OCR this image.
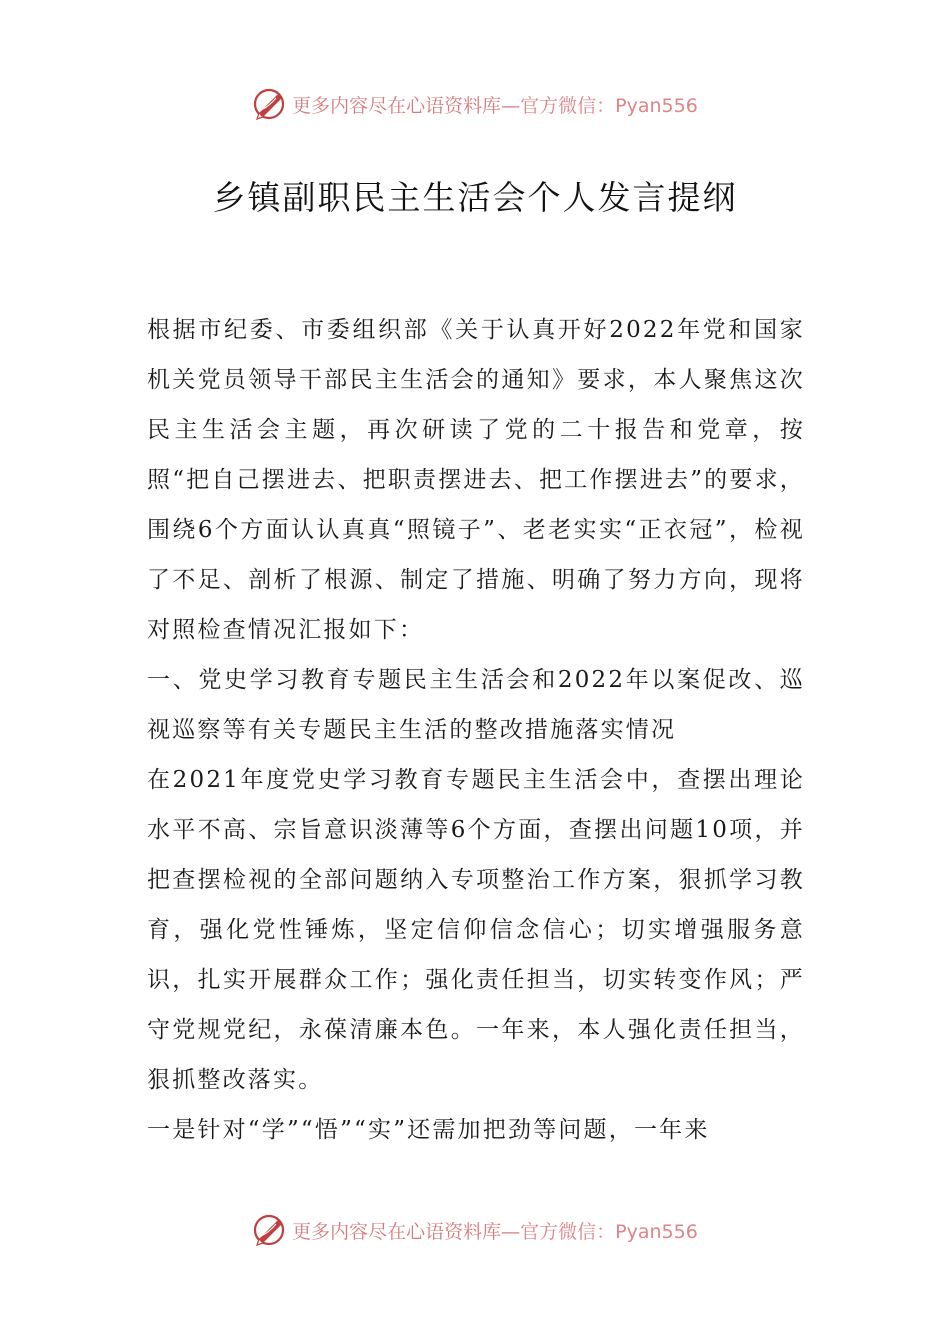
更多内容尽在心语资料库— 官方微信：Pyan556
乡镇副职民主生活会个人发言提纲

根据市纪委、市委组织部《关于认真开好2022年党和国家机关党员领导干部民主生活会的通知》要求，本人聚焦这次民主生活会主题，再次研读了党的二十报告和党章，按照“把自己摆进去、把职责摆进去、把工作摆进去”的要求，围绕6个方面认认真真“照镜子”、老老实实“正衣冠”，检视了不足、剖析了根源、制定了措施、明确了努力方向，现将对照检查情况汇报如下：

一、党史学习教育专题民主生活会和2022年以案促改、巡视巡察等有关专题民主生活的整改措施落实情况

在2021年度党史学习教育专题民主生活会中，查摆出理论水平不高、宗旨意识淡薄等6个方面，查摆出问题10项，并把查摆检视的全部问题纳入专项整治工作方案，狠抓学习教育，强化党性锤炼，坚定信仰信念信心；切实增强服务意识，扎实开展群众工作；强化责任担当，切实转变作风；严守党规党纪，永葆清廉本色。一年来，本人强化责任担当，狠抓整改落实。

一是针对“学”“悟”“实”还需加把劲等问题，一年来

更多内容尽在心语资料库— 官方微信：Pyan556
